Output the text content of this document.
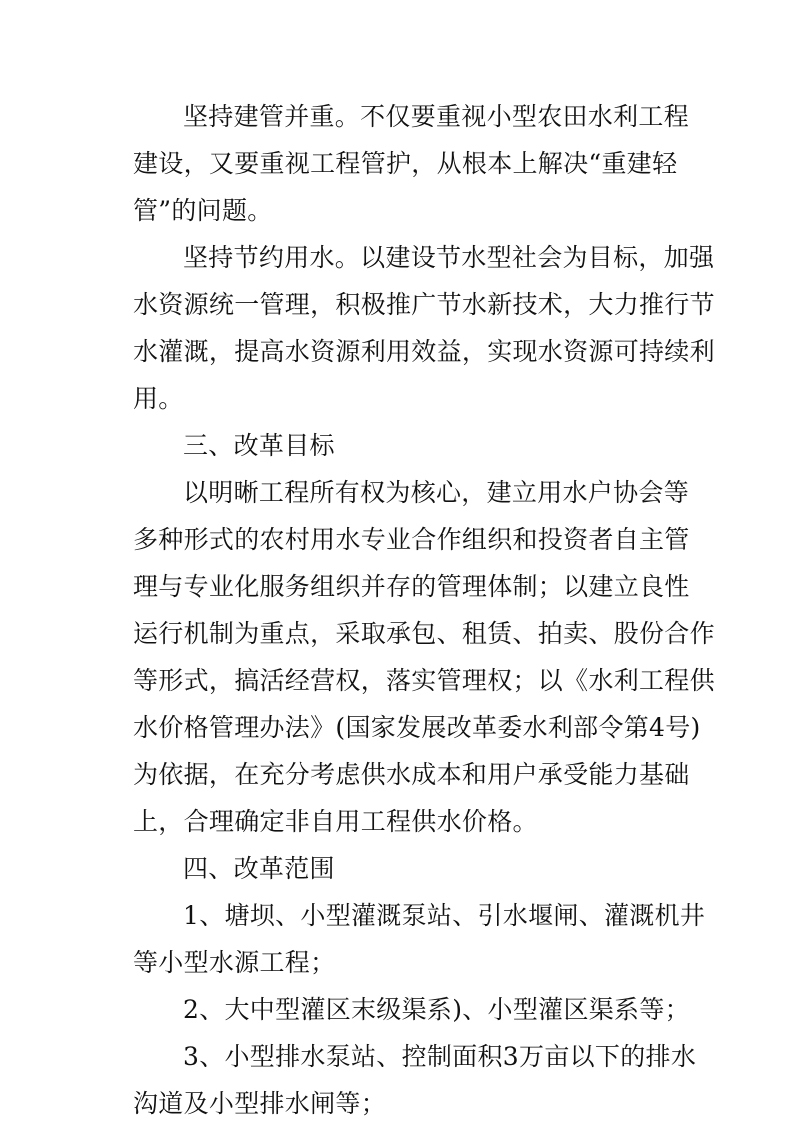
坚持建管并重。不仅要重视小型农田水利工程
建设，又要重视工程管护，从根本上解决“重建轻
管”的问题。

坚持节约用水。以建设节水型社会为目标，加强
水资源统一管理，积极推广节水新技术，大力推行节
水灌溉，提高水资源利用效益，实现水资源可持续利
用。

三、改革目标

以明晰工程所有权为核心，建立用水户协会等
多种形式的农村用水专业合作组织和投资者自主管
理与专业化服务组织并存的管理体制；以建立良性
运行机制为重点，采取承包、租赁、拍卖、股份合作
等形式，搞活经营权，落实管理权；以《水利工程供
水价格管理办法》(国家发展改革委水利部令第4号)
为依据，在充分考虑供水成本和用户承受能力基础
上，合理确定非自用工程供水价格。

四、改革范围

1、塘坝、小型灌溉泵站、引水堰闸、灌溉机井
等小型水源工程；

2、大中型灌区末级渠系)、小型灌区渠系等；

3、小型排水泵站、控制面积3万亩以下的排水
沟道及小型排水闸等；
